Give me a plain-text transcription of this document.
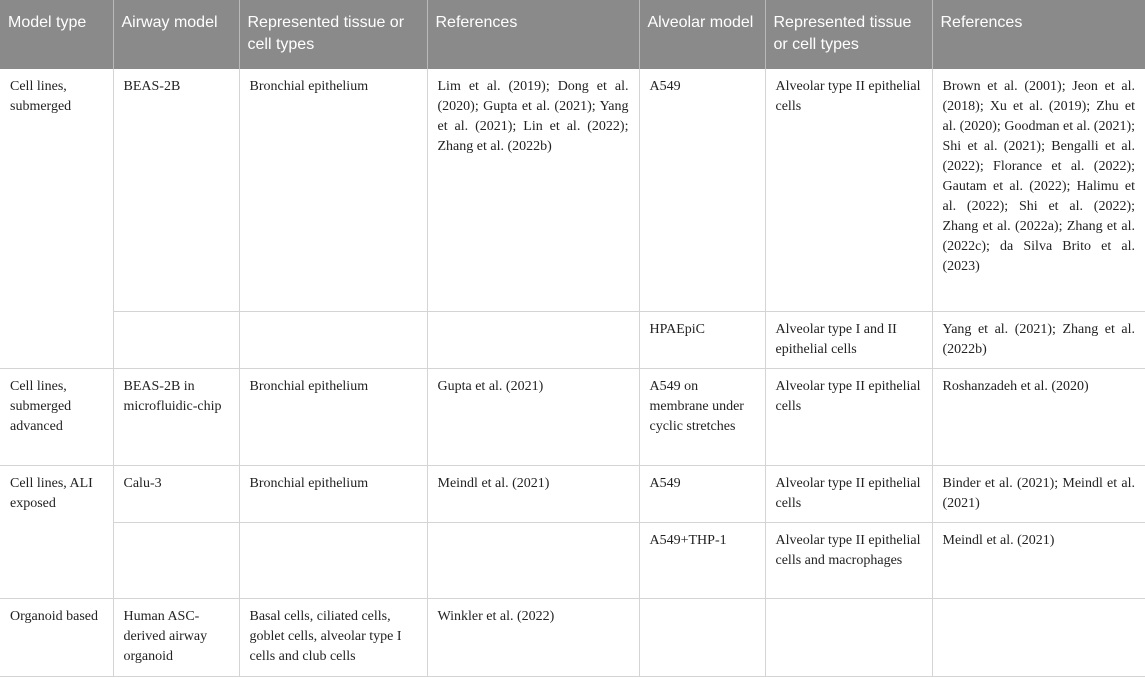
Model type	Airway model	Represented tissue or cell types	References	Alveolar model	Represented tissue or cell types	References
Cell lines, submerged	BEAS-2B	Bronchial epithelium	Lim et al. (2019); Dong et al. (2020); Gupta et al. (2021); Yang et al. (2021); Lin et al. (2022); Zhang et al. (2022b)	A549	Alveolar type II epithelial cells	Brown et al. (2001); Jeon et al. (2018); Xu et al. (2019); Zhu et al. (2020); Goodman et al. (2021); Shi et al. (2021); Bengalli et al. (2022); Florance et al. (2022); Gautam et al. (2022); Halimu et al. (2022); Shi et al. (2022); Zhang et al. (2022a); Zhang et al. (2022c); da Silva Brito et al. (2023)
				HPAEpiC	Alveolar type I and II epithelial cells	Yang et al. (2021); Zhang et al. (2022b)
Cell lines, submerged advanced	BEAS-2B in microfluidic-chip	Bronchial epithelium	Gupta et al. (2021)	A549 on membrane under cyclic stretches	Alveolar type II epithelial cells	Roshanzadeh et al. (2020)
Cell lines, ALI exposed	Calu-3	Bronchial epithelium	Meindl et al. (2021)	A549	Alveolar type II epithelial cells	Binder et al. (2021); Meindl et al. (2021)
				A549+THP-1	Alveolar type II epithelial cells and macrophages	Meindl et al. (2021)
Organoid based	Human ASC-derived airway organoid	Basal cells, ciliated cells, goblet cells, alveolar type I cells and club cells	Winkler et al. (2022)			
